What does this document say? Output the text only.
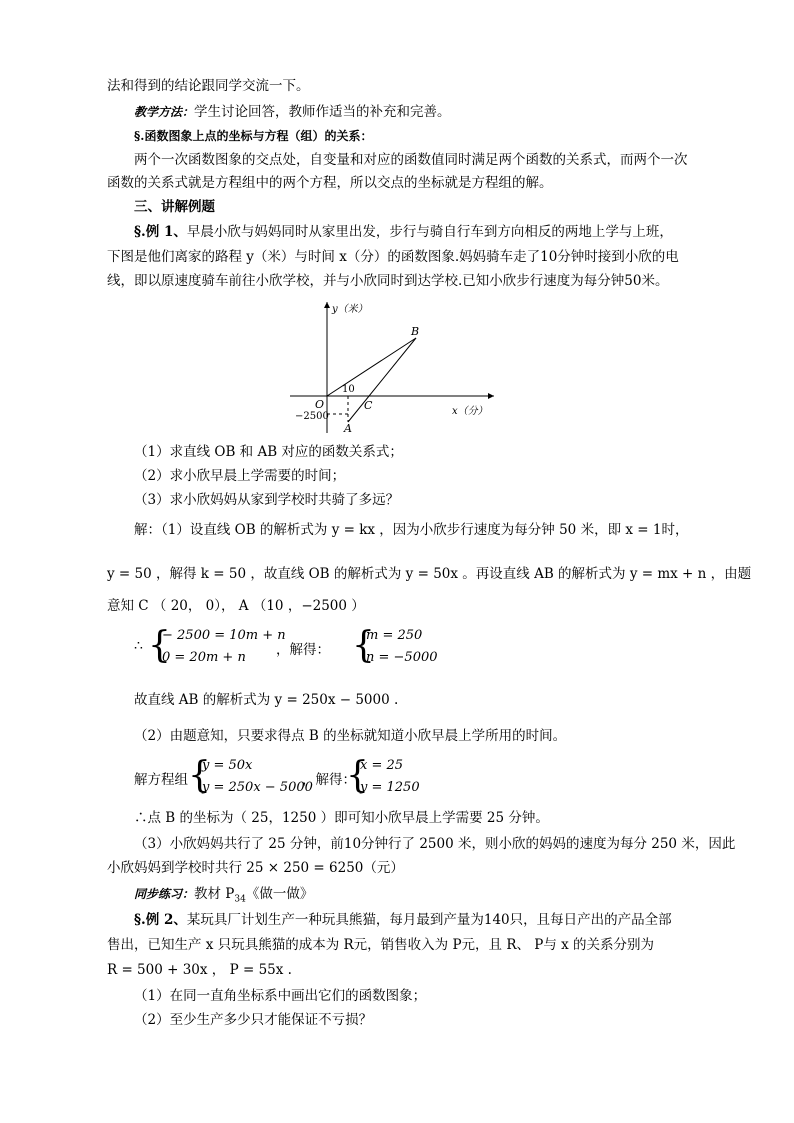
法和得到的结论跟同学交流一下。
教学方法：学生讨论回答，教师作适当的补充和完善。
§.函数图象上点的坐标与方程（组）的关系：
两个一次函数图象的交点处，自变量和对应的函数值同时满足两个函数的关系式，而两个一次
函数的关系式就是方程组中的两个方程，所以交点的坐标就是方程组的解。
三、讲解例题
§.例 1、早晨小欣与妈妈同时从家里出发，步行与骑自行车到方向相反的两地上学与上班，
下图是他们离家的路程 y（米）与时间 x（分）的函数图象.妈妈骑车走了10分钟时接到小欣的电
线，即以原速度骑车前往小欣学校，并与小欣同时到达学校.已知小欣步行速度为每分钟50米。
y（米）
x（分）
B
O	C
A
10
−2500
（1）求直线 OB 和 AB 对应的函数关系式；
（2）求小欣早晨上学需要的时间；
（3）求小欣妈妈从家到学校时共骑了多远？
解：（1）设直线 OB 的解析式为 y = kx ，因为小欣步行速度为每分钟 50 米，即 x = 1时，
y = 50 ，解得 k = 50 ，故直线 OB 的解析式为 y = 50x 。再设直线 AB 的解析式为 y = mx + n ，由题
意知 C （ 20， 0）， A （10 ，−2500 ）
∴ {
− 2500 = 10m + n
0 = 20m + n ，解得： {
m = 250
n = −5000
故直线 AB 的解析式为 y = 250x − 5000 .
（2）由题意知，只要求得点 B 的坐标就知道小欣早晨上学所用的时间。
解方程组 {
y = 50x
y = 250x − 5000
，解得：
{
x = 25
y = 1250
∴点 B 的坐标为（ 25，1250 ）即可知小欣早晨上学需要 25 分钟。
（3）小欣妈妈共行了 25 分钟，前10分钟行了 2500 米，则小欣的妈妈的速度为每分 250 米，因此
小欣妈妈到学校时共行 25 × 250 = 6250（元）
同步练习：教材 $P_{34}$《做一做》
§.例 2、某玩具厂计划生产一种玩具熊猫，每月最到产量为140只，且每日产出的产品全部
售出，已知生产 x 只玩具熊猫的成本为 R元，销售收入为 P元，且 R、 P与 x 的关系分别为
R = 500 + 30x ， P = 55x .
（1）在同一直角坐标系中画出它们的函数图象；
（2）至少生产多少只才能保证不亏损？
